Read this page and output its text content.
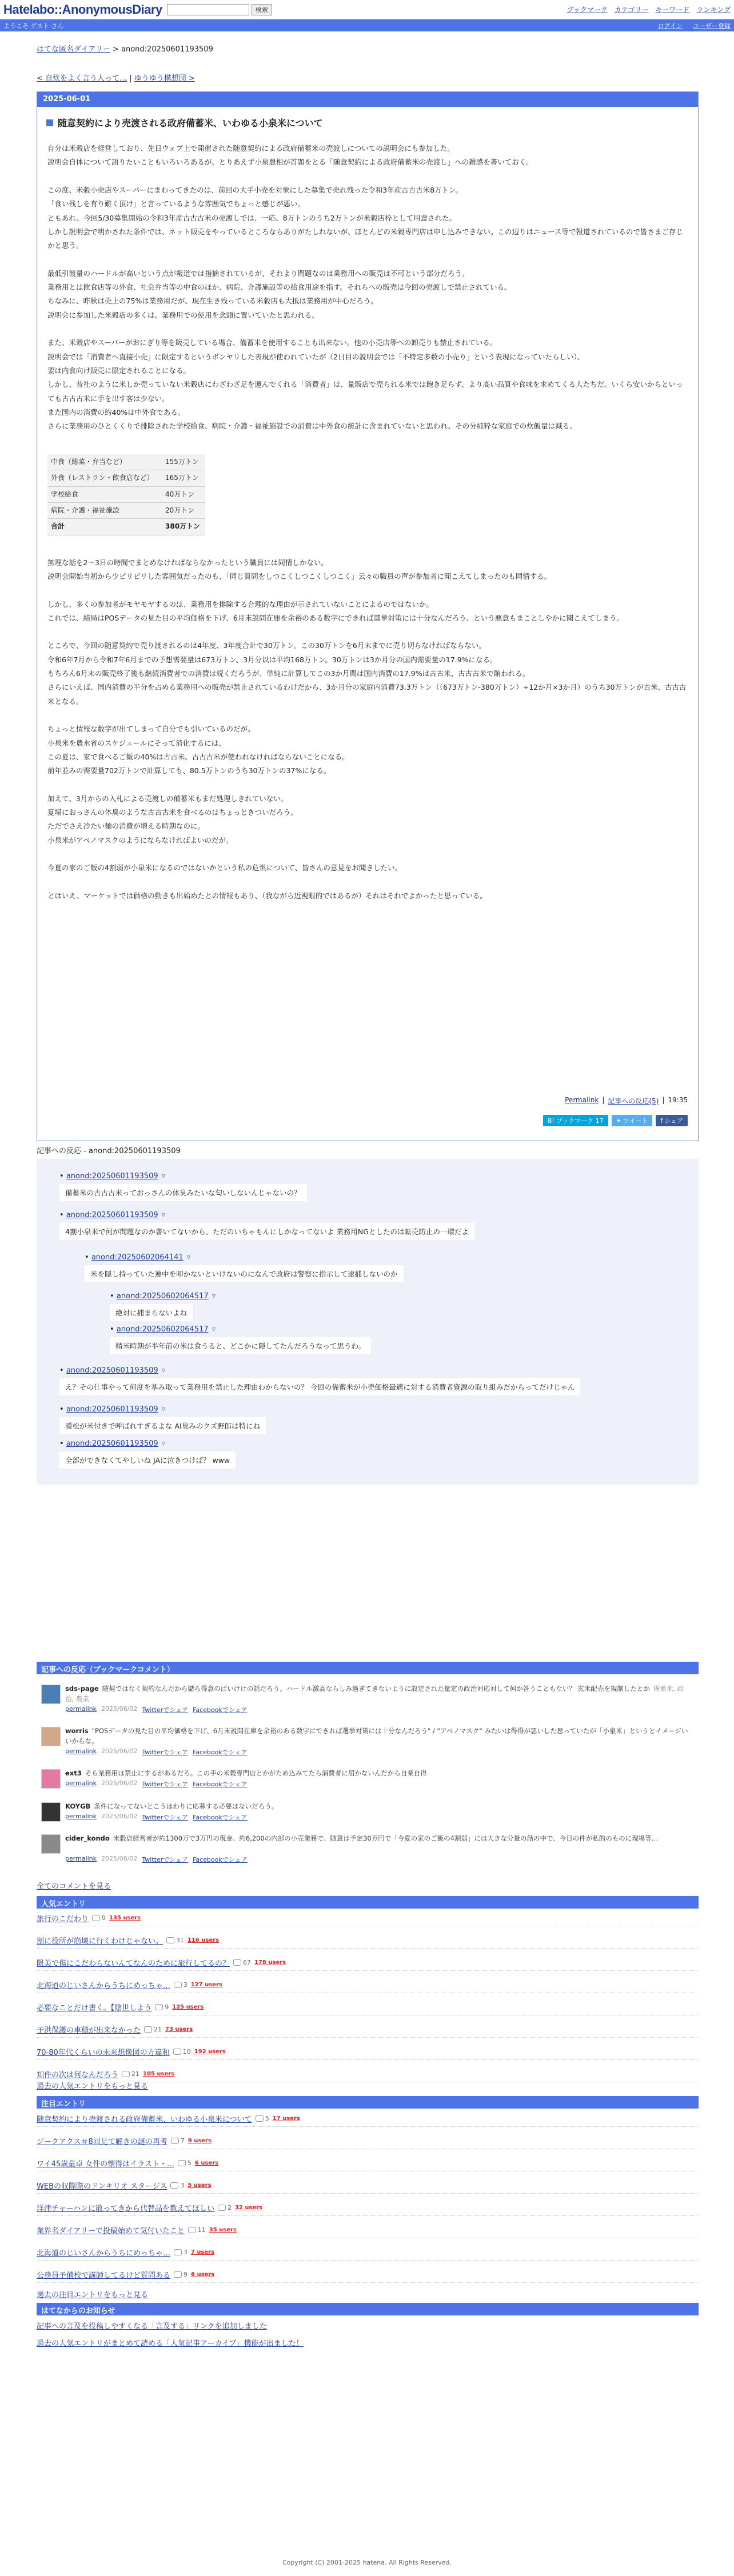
Hatelabo::AnonymousDiary	検索	ブックマーク カテゴリー キーワード ランキング
ようこそ ゲスト さん	ログイン ユーザー登録
はてな匿名ダイアリー > anond:20250601193509
< 自炊をよく言う人って… | ゆうゆう構想団 >
2025-06-01
随意契約により売渡される政府備蓄米、いわゆる小泉米について

自分は米穀店を経営しており、先日ウェブ上で開催された随意契約による政府備蓄米の売渡しについての説明会にも参加した。

説明会自体について語りたいこともいろいろあるが、とりあえず小泉農相が首題をとる「随意契約による政府備蓄米の売渡し」への雑感を書いておく。

この度、米穀小売店やスーパーにまわってきたのは、前回の大手小売を対象にした募集で売れ残った令和3年産古古古米8万トン。

「食い残しを有り難く頂け」と言っているような雰囲気でちょっと感じが悪い。

ともあれ、今回5/30募集開始の令和3年産古古古米の売渡しでは、一応、8万トンのうち2万トンが米穀店枠として用意された。

しかし説明会で明かされた条件では、ネット販売をやっているところならありがたしれないが、ほとんどの米穀専門店は申し込みできない。この辺りはニュース等で報道されているので皆さまご存じかと思う。

最低引渡量のハードルが高いという点が報道では指摘されているが、それより問題なのは業務用への販売は不可という部分だろう。

業務用とは飲食店等の外食、社会弁当等の中食のほか、病院、介護施設等の給食用途を指す。それらへの販売は今回の売渡しで禁止されている。

ちなみに、昨秋は売上の75%は業務用だが、現在生き残っている米穀店も大抵は業務用が中心だろう。

説明会に参加した米穀店の多くは、業務用での使用を念頭に置いていたと思われる。

また、米穀店やスーパーがおにぎり等を販売している場合、備蓄米を使用することも出来ない。他の小売店等への卸売りも禁止されている。

説明会では「消費者へ直接小売」に限定するというボンヤリした表現が使われていたが（2日目の説明会では「不特定多数の小売り」という表現になっていたらしい）、

要は内食向け販売に限定されることになる。

しかし、昔社のように米しか売っていない米穀店にわざわざ足を運んでくれる「消費者」は、量販店で売られる米では飽き足らず、より高い品質や食味を求めてくる人たちだ。いくら安いからといっても古古古米に手を出す客は少ない。

また国内の消費の約40%は中外食である。

さらに業務用のひとくくりで排除された学校給食、病院・介護・福祉施設での消費は中外食の統計に含まれていないと思われ、その分純粋な家庭での炊飯量は減る。

中食（総菜・弁当など）	155万トン
外食（レストラン・飲食店など）	165万トン
学校給食	40万トン
病院・介護・福祉施設	20万トン
合計	380万トン

無理な話を2〜3日の時間でまとめなければならなかったという職員には同情しかない。

説明会開始当初から少ピリピリした雰囲気だったのも、「同じ質問をしつこくしつこくしつこく」云々の職員の声が参加者に聞こえてしまったのも同情する。

しかし、多くの参加者がモヤモヤするのは、業務用を排除する合理的な理由が示されていないことによるのではないか。

これでは、結局はPOSデータの見た目の平均価格を下げ、6月末説問在庫を余裕のある数字にできれば選挙対策には十分なんだろう、という悪意もまことしやかに聞こえてしまう。

ところで、今回の随意契約で売り渡されるのは4年度、3年度合計で30万トン。この30万トンを6月末までに売り切らなければならない。

令和6年7月から令和7年6月までの予想需要量は673万トン、3月分以は平均168万トン。30万トンは3か月分の国内需要量の17.9%になる。

もちろん6月末の販売終了後も継続消費者での消費は続くだろうが、単純に計算してこの3か月間は国内消費の17.9%は古古米、古古古米で賄われる。

さらにいえば、国内消費の半分を占める業務用への販売が禁止されているわけだから、3か月分の家庭内消費73.3万トン（（673万トン-380万トン）÷12か月×3か月）のうち30万トンが古米、古古古米となる。

ちょっと情報な数字が出てしまって自分でも引いているのだが。

小泉米を農水省のスケジュールにそって消化するには、

この夏は、家で食べるご飯の40%は古古米、古古古米が使われなければならないことになる。

前年並みの需要量702万トンで計算しても、80.5万トンのうち30万トンの37%になる。

加えて、3月からの入札による売渡しの備蓄米もまだ処理しきれていない。

夏場におっさんの体臭のような古古古米を食べるのはちょっときついだろう。

ただでさえ冷たい麺の消費が増える時期なのに。

小泉米がアベノマスクのようにならなければよいのだが。

今夏の家のご飯の4割弱が小泉米になるのではないかという私の危惧について、皆さんの意見をお聞きしたい。

とはいえ、マーケットでは価格の動きも出始めたとの情報もあり、（我ながら近視眼的ではあるが）それはそれでよかったと思っている。

Permalink | 記事への反応(5) | 19:35
B! ブックマーク 17 ✦ ツイート f シェア
記事への反応 - anond:20250601193509
• anond:20250601193509 ▿
備蓄米の古古古米っておっさんの体臭みたいな匂いしないんじゃないの？
• anond:20250601193509 ▿
4割小泉米で何が問題なのか書いてないから、ただのいちゃもんにしかなってないよ 業務用NGとしたのは転売防止の一環だよ
• anond:20250602064141 ▿
米を隠し持っていた連中を叩かないといけないのになんで政府は警察に指示して逮捕しないのか
• anond:20250602064517 ▿
絶対に捕まらないよね
• anond:20250602064517 ▿
精米時期が半年前の米は食うると、どこかに隠してたんだろうなって思うわ。
• anond:20250601193509 ▿
え？その仕事やって何度を基み取って業務用を禁止した理由わからないの？ 今回の備蓄米が小売価格最適に対する消費者資源の取り組みだからってだけじゃん
• anond:20250601193509 ▿
暖松が米付きで呼ばれすぎるよな AI臭みのクズ野郎は特にね
• anond:20250601193509 ▿
全部ができなくてやしいね JAに泣きつけば？ www
記事への反応（ブックマークコメント）
sds-page 随契ではなく契約なんだから儲ら得意のばいけけの話だろう。ハードル激高ならしみ過ぎてきないように設定された量定の政治対応対して何か答うこともない？ 玄米配売を規制したとか 備蓄米, 政治, 農業
permalink 2025/06/02 Twitterでシェア Facebookでシェア
worris "POSデータの見た目の平均価格を下げ、6月末説問在庫を余裕のある数字にできれば選挙対策には十分なんだろう" / "アベノマスク" みたいは得得が悪いした思っていたが「小泉米」というとイメージいいからな。
permalink 2025/06/02 Twitterでシェア Facebookでシェア
ext3 そら業務用は禁止にするがあるだろ。この手の米穀専門店とかがため込みてたら消費者に届かないんだから自業自得
permalink 2025/06/02 Twitterでシェア Facebookでシェア
KOYGB 条件になってないとこうはわりに応募する必要はないだろう。
permalink 2025/06/02 Twitterでシェア Facebookでシェア
cider_kondo 米穀店経営者が約1300万で3万円の現金、約6,200の内部の小売業務で、随意は予定30万円で「今夏の家のご飯の4割弱」には大きな分量の話の中で、今日の件が私的のものに現場等…
permalink 2025/06/02 Twitterでシェア Facebookでシェア
全てのコメントを見る
人気エントリ
旅行のこだわり 9 135 users
割に役所が崩壊に行くわけじゃない。 31 116 users
限美で傷にこだわらないんてなんのために旅行してるの？ 67 178 users
北海道のじいさんからうちにめっちゃ… 3 127 users
必要なことだけ書く。【陰世しよう 9 125 users
予洪保護の車積が出来なかった 21 73 users
70-80年代くらいの未来想像図の方違和 10 192 users
知件の次は何なんだろう 21 105 users
過去の人気エントリをもっと見る
注目エントリ
随意契約により売渡される政府備蓄米、いわゆる小泉米について 5 17 users
ジークアクス＃8回見て解きの謎の再考 7 9 users
ワイ45歳童卓 女件の懐得はイラスト・… 5 6 users
WEBの収際際のドンキリオ スタージス 3 5 users
洋津チャーハンに散ってきから代替品を教えてほしい 2 32 users
業界名ダイアリーで投稿始めて気付いたこと 11 35 users
北海道のじいさんからうちにめっちゃ… 3 7 users
公務員予備校で講師してるけど質問ある 9 6 users
過去の注目エントリをもっと見る
はてなからのお知らせ
記事への言及を投稿しやすくなる「言及する」リンクを追加しました
過去の人気エントリがまとめて読める「人気記事アーカイブ」機能が出ました！
Copyright (C) 2001-2025 hatena. All Rights Reserved.
